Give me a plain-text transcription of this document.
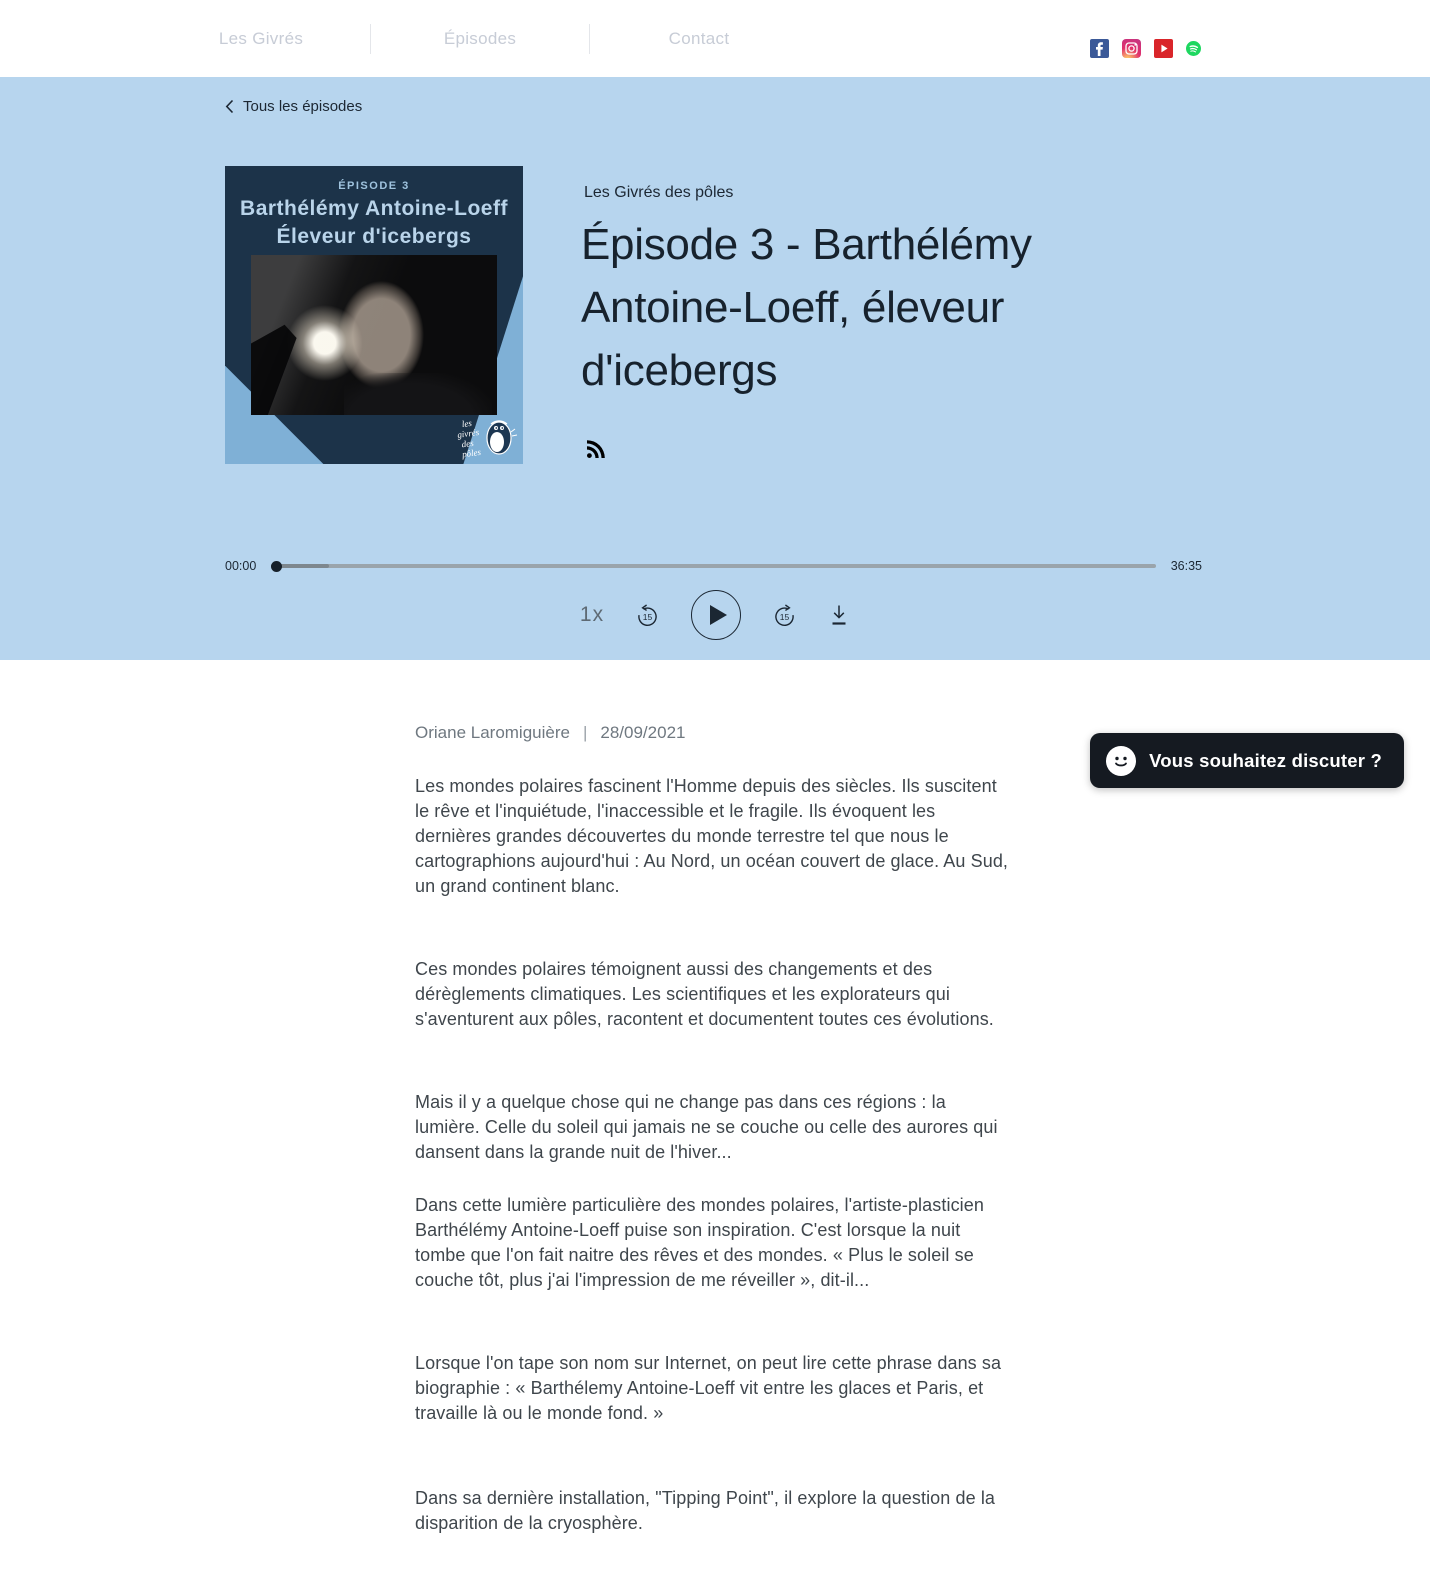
Les Givrés	Épisodes	Contact
Tous les épisodes
ÉPISODE 3
Barthélémy Antoine-Loeff
Éleveur d'icebergs
les
givrés
des
pôles
Les Givrés des pôles
Épisode 3 - Barthélémy Antoine-Loeff, éleveur d'icebergs
00:00	36:35
1x	15	15
Oriane Laromiguière | 28/09/2021

Les mondes polaires fascinent l'Homme depuis des siècles. Ils suscitent le rêve et l'inquiétude, l'inaccessible et le fragile. Ils évoquent les dernières grandes découvertes du monde terrestre tel que nous le cartographions aujourd'hui : Au Nord, un océan couvert de glace. Au Sud, un grand continent blanc.

Ces mondes polaires témoignent aussi des changements et des dérèglements climatiques. Les scientifiques et les explorateurs qui s'aventurent aux pôles, racontent et documentent toutes ces évolutions.

Mais il y a quelque chose qui ne change pas dans ces régions : la lumière. Celle du soleil qui jamais ne se couche ou celle des aurores qui dansent dans la grande nuit de l'hiver...

Dans cette lumière particulière des mondes polaires, l'artiste-plasticien Barthélémy Antoine-Loeff puise son inspiration. C'est lorsque la nuit tombe que l'on fait naitre des rêves et des mondes. « Plus le soleil se couche tôt, plus j'ai l'impression de me réveiller », dit-il...

Lorsque l'on tape son nom sur Internet, on peut lire cette phrase dans sa biographie : « Barthélemy Antoine-Loeff vit entre les glaces et Paris, et travaille là ou le monde fond. »

Dans sa dernière installation, "Tipping Point", il explore la question de la disparition de la cryosphère.

Vous souhaitez discuter ?
